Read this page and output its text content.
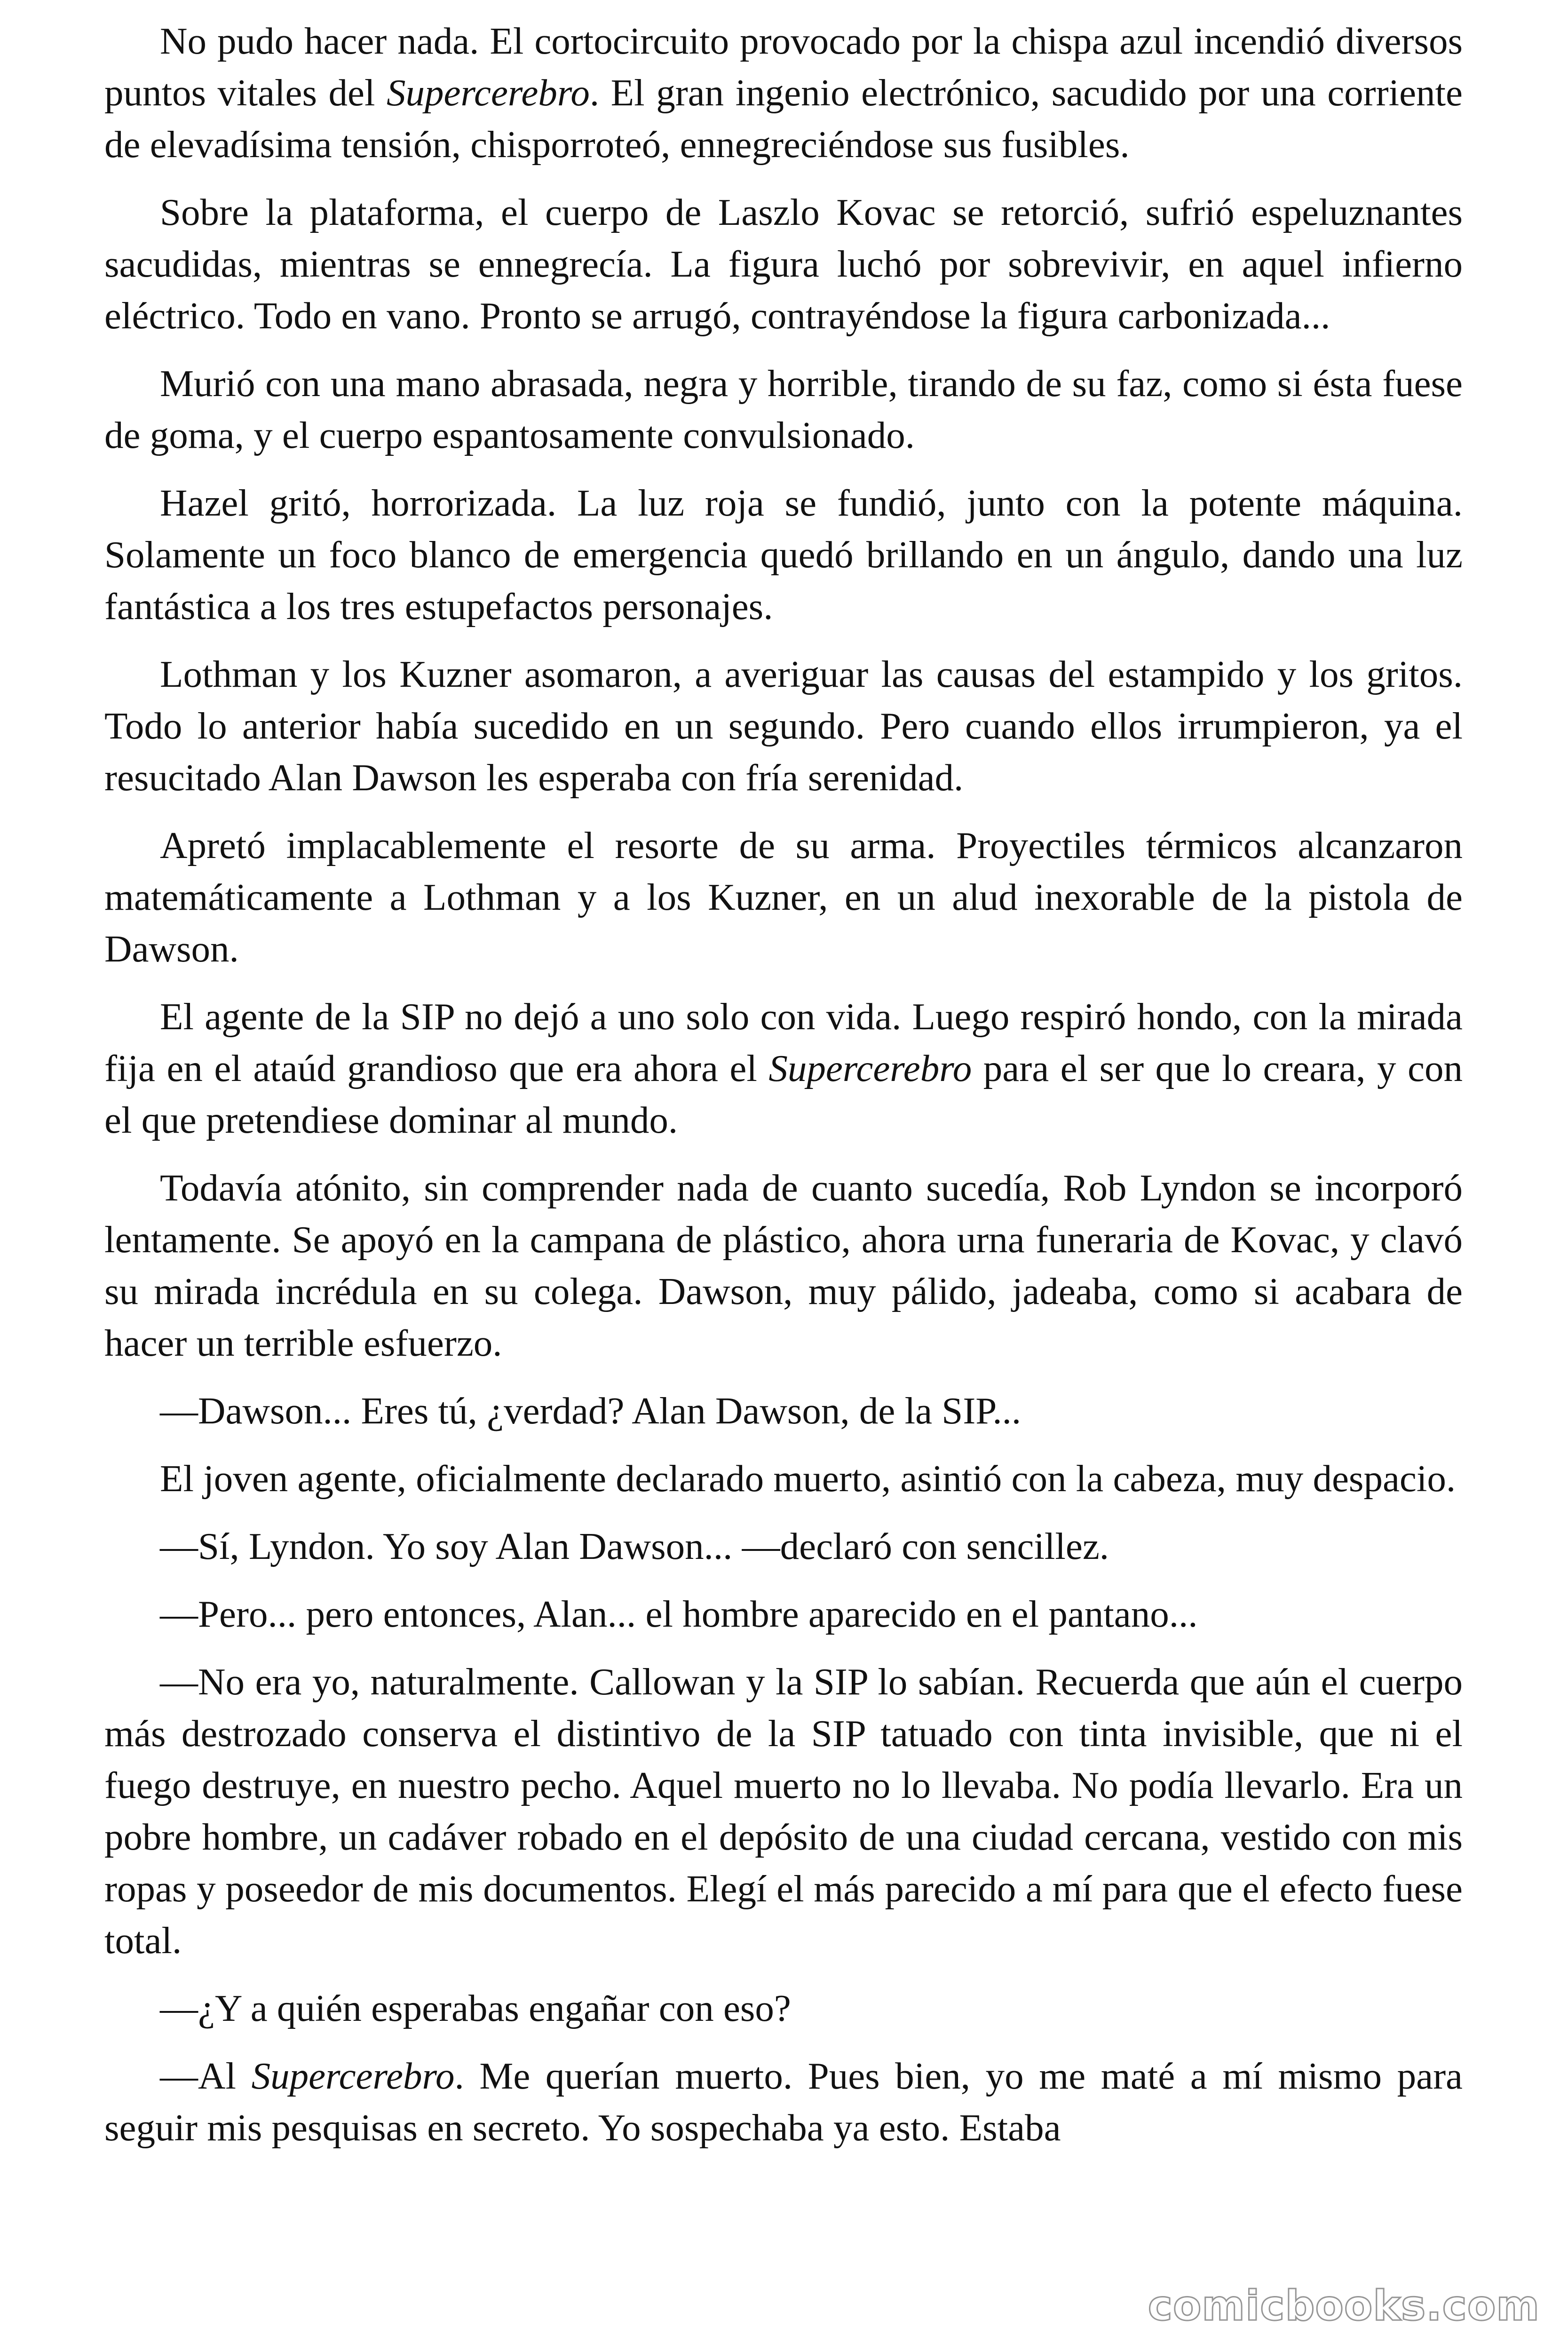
No pudo hacer nada. El cortocircuito provocado por la chispa azul incendió diversos puntos vitales del Supercerebro. El gran ingenio electrónico, sacudido por una corriente de elevadísima tensión, chisporroteó, ennegreciéndose sus fusibles.

Sobre la plataforma, el cuerpo de Laszlo Kovac se retorció, sufrió espeluznantes sacudidas, mientras se ennegrecía. La figura luchó por sobrevivir, en aquel infierno eléctrico. Todo en vano. Pronto se arrugó, contrayéndose la figura carbonizada...

Murió con una mano abrasada, negra y horrible, tirando de su faz, como si ésta fuese de goma, y el cuerpo espantosamente convulsionado.

Hazel gritó, horrorizada. La luz roja se fundió, junto con la potente máquina. Solamente un foco blanco de emergencia quedó brillando en un ángulo, dando una luz fantástica a los tres estupefactos personajes.

Lothman y los Kuzner asomaron, a averiguar las causas del estampido y los gritos. Todo lo anterior había sucedido en un segundo. Pero cuando ellos irrumpieron, ya el resucitado Alan Dawson les esperaba con fría serenidad.

Apretó implacablemente el resorte de su arma. Proyectiles térmicos alcanzaron matemáticamente a Lothman y a los Kuzner, en un alud inexorable de la pistola de Dawson.

El agente de la SIP no dejó a uno solo con vida. Luego respiró hondo, con la mirada fija en el ataúd grandioso que era ahora el Supercerebro para el ser que lo creara, y con el que pretendiese dominar al mundo.

Todavía atónito, sin comprender nada de cuanto sucedía, Rob Lyndon se incorporó lentamente. Se apoyó en la campana de plástico, ahora urna funeraria de Kovac, y clavó su mirada incrédula en su colega. Dawson, muy pálido, jadeaba, como si acabara de hacer un terrible esfuerzo.

—Dawson... Eres tú, ¿verdad? Alan Dawson, de la SIP...

El joven agente, oficialmente declarado muerto, asintió con la cabeza, muy despacio.

—Sí, Lyndon. Yo soy Alan Dawson... —declaró con sencillez.

—Pero... pero entonces, Alan... el hombre aparecido en el pantano...

—No era yo, naturalmente. Callowan y la SIP lo sabían. Recuerda que aún el cuerpo más destrozado conserva el distintivo de la SIP tatuado con tinta invisible, que ni el fuego destruye, en nuestro pecho. Aquel muerto no lo llevaba. No podía llevarlo. Era un pobre hombre, un cadáver robado en el depósito de una ciudad cercana, vestido con mis ropas y poseedor de mis documentos. Elegí el más parecido a mí para que el efecto fuese total.

—¿Y a quién esperabas engañar con eso?

—Al Supercerebro. Me querían muerto. Pues bien, yo me maté a mí mismo para seguir mis pesquisas en secreto. Yo sospechaba ya esto. Estaba

comicbooks.com
